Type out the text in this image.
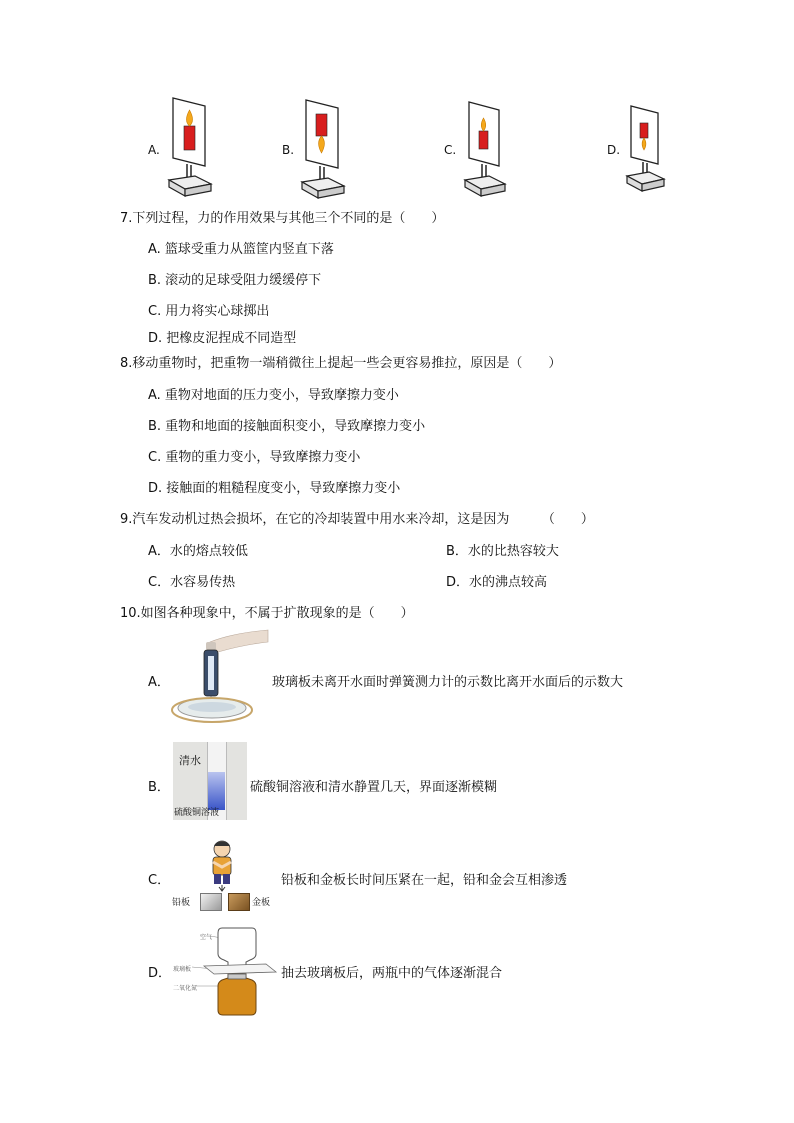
A.	B.	C.	D.
7.下列过程，力的作用效果与其他三个不同的是（　　）
A. 篮球受重力从篮筐内竖直下落
B. 滚动的足球受阻力缓缓停下
C. 用力将实心球掷出
D. 把橡皮泥捏成不同造型
8.移动重物时，把重物一端稍微往上提起一些会更容易推拉，原因是（　　）
A. 重物对地面的压力变小，导致摩擦力变小
B. 重物和地面的接触面积变小，导致摩擦力变小
C. 重物的重力变小，导致摩擦力变小
D. 接触面的粗糙程度变小，导致摩擦力变小
9.汽车发动机过热会损坏，在它的冷却装置中用水来冷却，这是因为　　　（　　）
A．水的熔点较低	B．水的比热容较大
C．水容易传热	D．水的沸点较高
10.如图各种现象中，不属于扩散现象的是（　　）
A．	玻璃板未离开水面时弹簧测力计的示数比离开水面后的示数大
B．
清水
硫酸铜溶液
硫酸铜溶液和清水静置几天，界面逐渐模糊
C．
铅板	金板
铅板和金板长时间压紧在一起，铅和金会互相渗透
D．
空气
玻璃板
二氧化氮
抽去玻璃板后，两瓶中的气体逐渐混合
